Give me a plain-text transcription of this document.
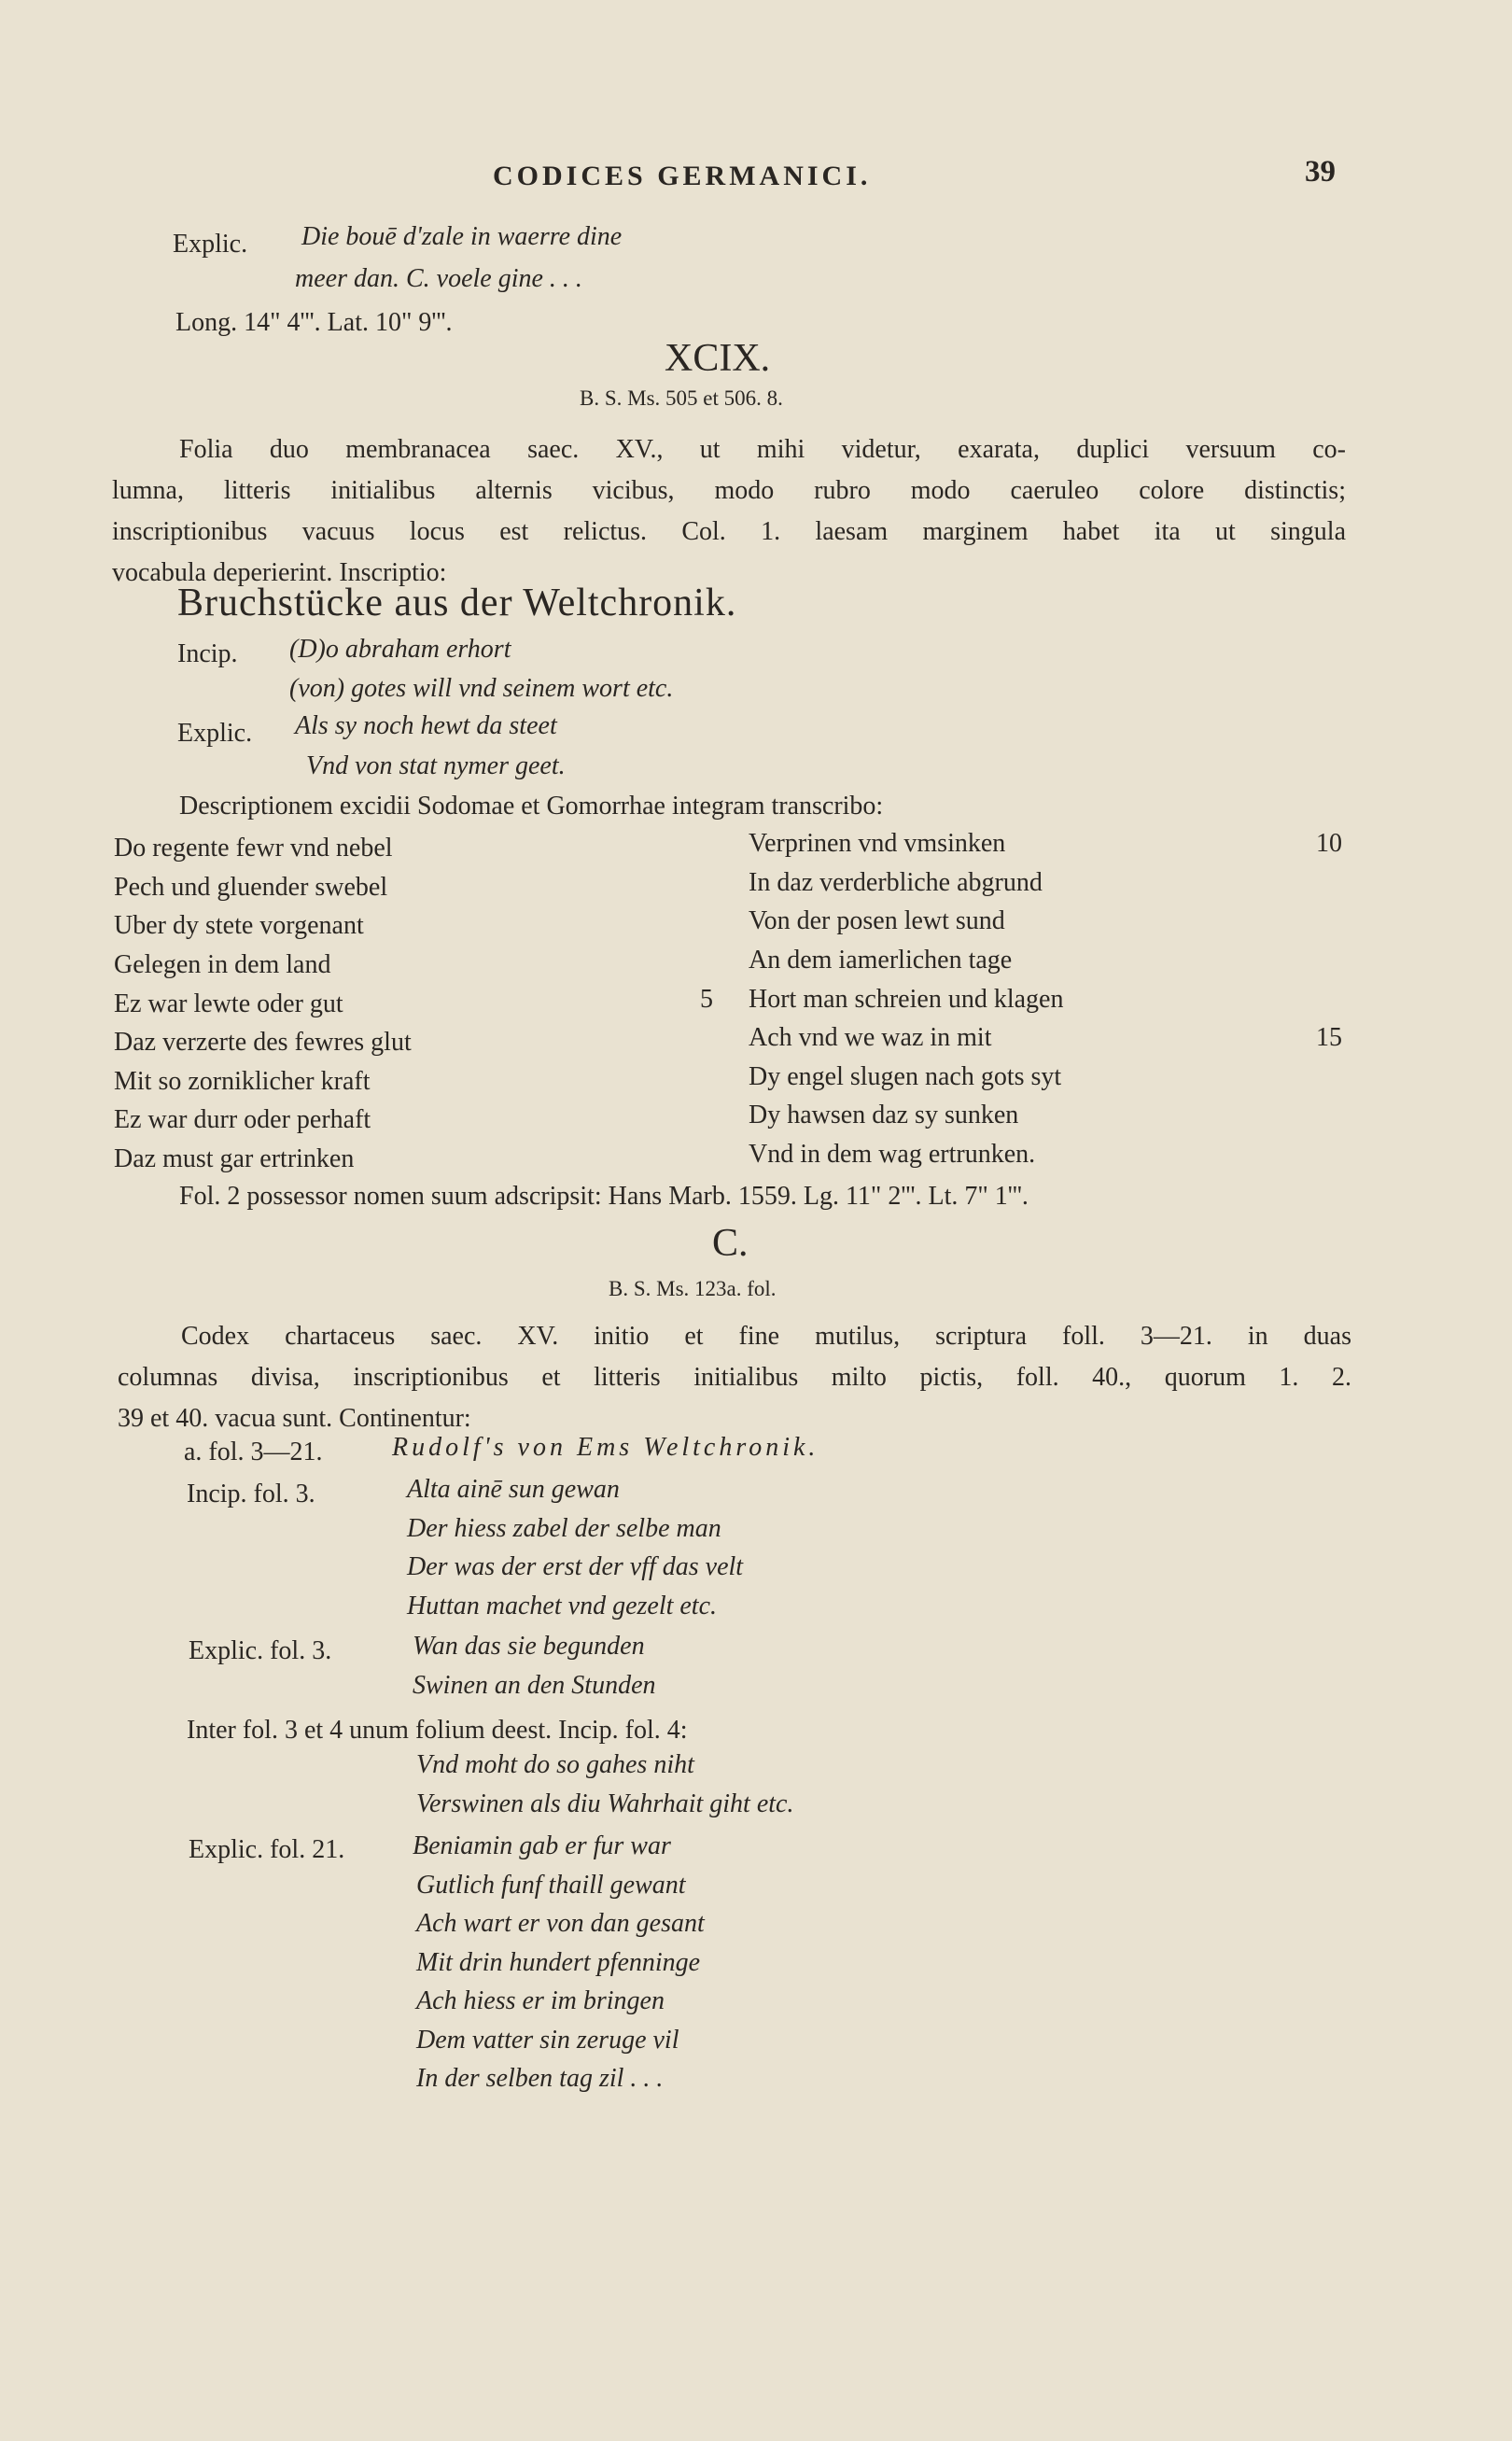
CODICES GERMANICI.	39
Explic. Die bouē d'zale in waerre dine
meer dan. C. voele gine . . .
Long. 14" 4'''. Lat. 10" 9'''.
XCIX.
B. S. Ms. 505 et 506. 8.
Folia duo membranacea saec. XV., ut mihi videtur, exarata, duplici versuum co-
lumna, litteris initialibus alternis vicibus, modo rubro modo caeruleo colore distinctis;
inscriptionibus vacuus locus est relictus. Col. 1. laesam marginem habet ita ut singula
vocabula deperierint. Inscriptio:
Bruchstücke aus der Weltchronik.
Incip. (D)o abraham erhort
(von) gotes will vnd seinem wort etc.
Explic. Als sy noch hewt da steet
Vnd von stat nymer geet.
Descriptionem excidii Sodomae et Gomorrhae integram transcribo:
Do regente fewr vnd nebel
Pech und gluender swebel
Uber dy stete vorgenant
Gelegen in dem land
Ez war lewte oder gut
Daz verzerte des fewres glut
Mit so zorniklicher kraft
Ez war durr oder perhaft
Daz must gar ertrinken
5
Verprinen vnd vmsinken
In daz verderbliche abgrund
Von der posen lewt sund
An dem iamerlichen tage
Hort man schreien und klagen
Ach vnd we waz in mit
Dy engel slugen nach gots syt
Dy hawsen daz sy sunken
Vnd in dem wag ertrunken.
10
15
Fol. 2 possessor nomen suum adscripsit: Hans Marb. 1559. Lg. 11" 2'''. Lt. 7" 1'''.
C.
B. S. Ms. 123a. fol.
Codex chartaceus saec. XV. initio et fine mutilus, scriptura foll. 3—21. in duas
columnas divisa, inscriptionibus et litteris initialibus milto pictis, foll. 40., quorum 1. 2.
39 et 40. vacua sunt. Continentur:
a. fol. 3—21.	Rudolf's von Ems Weltchronik.
Incip. fol. 3.	Alta ainē sun gewan
Der hiess zabel der selbe man
Der was der erst der vff das velt
Huttan machet vnd gezelt etc.
Explic. fol. 3.	Wan das sie begunden
Swinen an den Stunden
Inter fol. 3 et 4 unum folium deest. Incip. fol. 4:
Vnd moht do so gahes niht
Verswinen als diu Wahrhait giht etc.
Explic. fol. 21.	Beniamin gab er fur war
Gutlich funf thaill gewant
Ach wart er von dan gesant
Mit drin hundert pfenninge
Ach hiess er im bringen
Dem vatter sin zeruge vil
In der selben tag zil . . .
